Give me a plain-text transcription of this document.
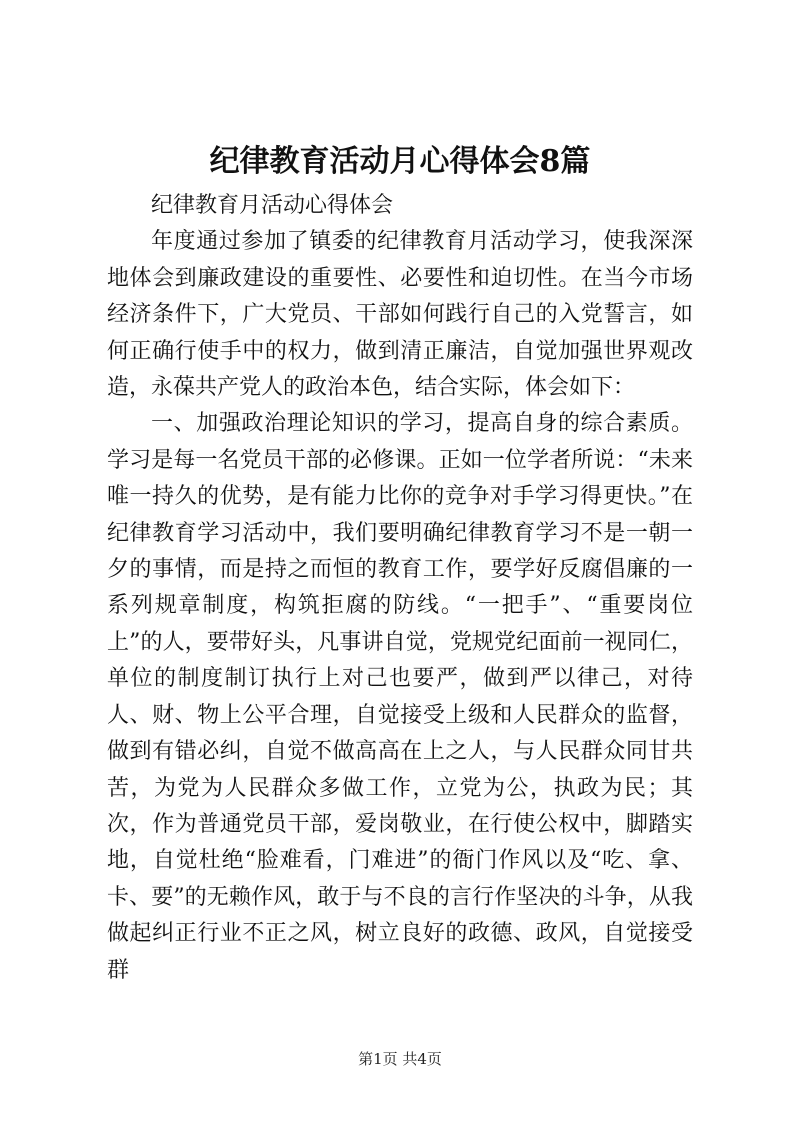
纪律教育活动月心得体会8篇

纪律教育月活动心得体会

年度通过参加了镇委的纪律教育月活动学习，使我深深地体会到廉政建设的重要性、必要性和迫切性。在当今市场经济条件下，广大党员、干部如何践行自己的入党誓言，如何正确行使手中的权力，做到清正廉洁，自觉加强世界观改造，永葆共产党人的政治本色，结合实际，体会如下：

一、加强政治理论知识的学习，提高自身的综合素质。学习是每一名党员干部的必修课。正如一位学者所说：“未来唯一持久的优势，是有能力比你的竞争对手学习得更快。”在纪律教育学习活动中，我们要明确纪律教育学习不是一朝一夕的事情，而是持之而恒的教育工作，要学好反腐倡廉的一系列规章制度，构筑拒腐的防线。“一把手”、“重要岗位上”的人，要带好头，凡事讲自觉，党规党纪面前一视同仁，单位的制度制订执行上对己也要严，做到严以律己，对待人、财、物上公平合理，自觉接受上级和人民群众的监督，做到有错必纠，自觉不做高高在上之人，与人民群众同甘共苦，为党为人民群众多做工作，立党为公，执政为民；其次，作为普通党员干部，爱岗敬业，在行使公权中，脚踏实地，自觉杜绝“脸难看，门难进”的衙门作风以及“吃、拿、卡、要”的无赖作风，敢于与不良的言行作坚决的斗争，从我做起纠正行业不正之风，树立良好的政德、政风，自觉接受群

第1页 共4页
